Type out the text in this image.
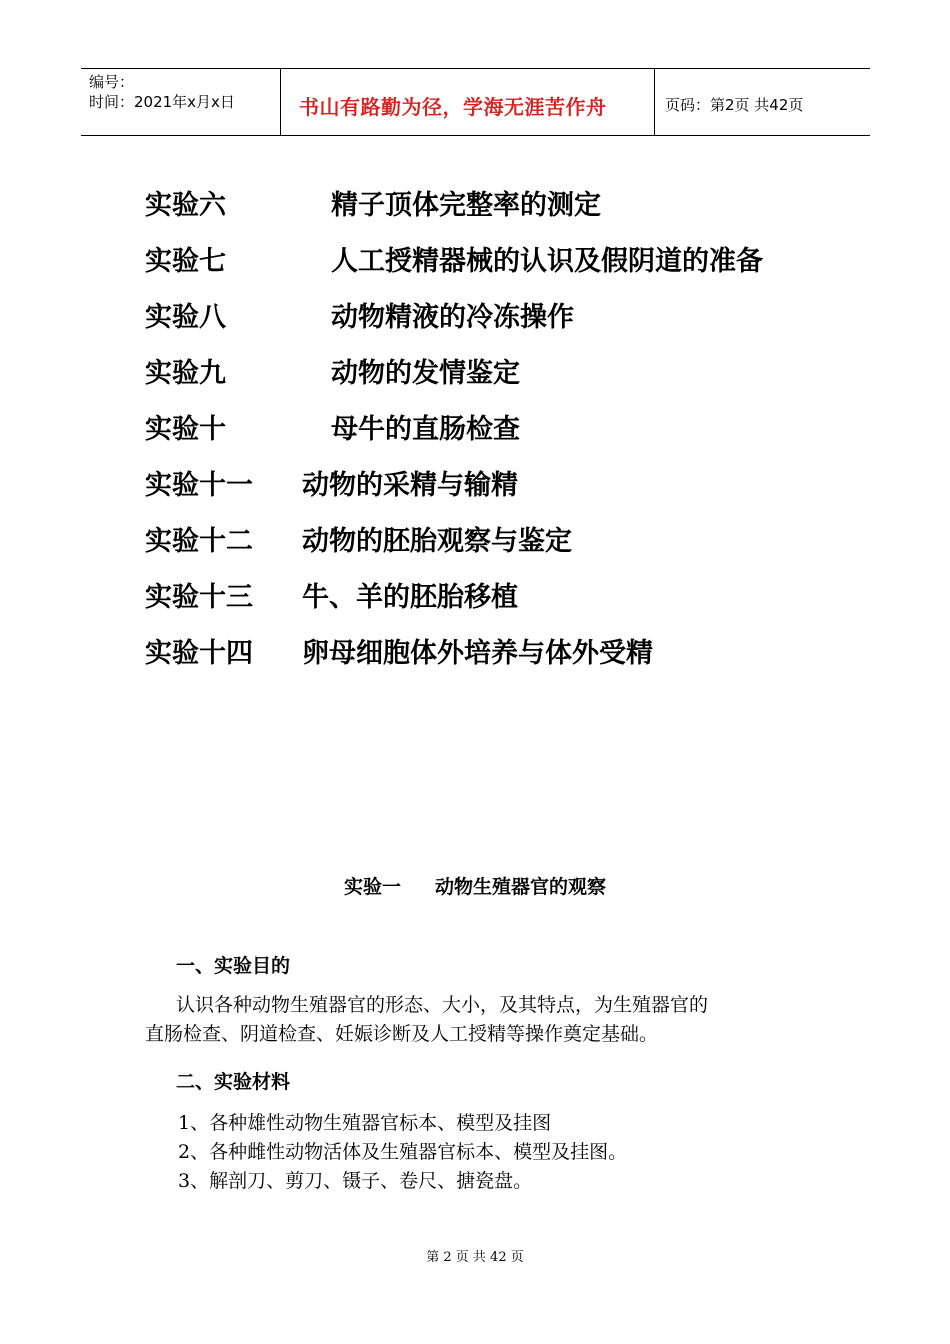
编号：
时间：2021年x月x日	书山有路勤为径，学海无涯苦作舟	页码：第2页 共42页
实验六	精子顶体完整率的测定
实验七	人工授精器械的认识及假阴道的准备
实验八	动物精液的冷冻操作
实验九	动物的发情鉴定
实验十	母牛的直肠检查
实验十一 动物的采精与输精
实验十二 动物的胚胎观察与鉴定
实验十三 牛、羊的胚胎移植
实验十四 卵母细胞体外培养与体外受精
实验一 动物生殖器官的观察
一、实验目的
认识各种动物生殖器官的形态、大小，及其特点，为生殖器官的
直肠检查、阴道检查、妊娠诊断及人工授精等操作奠定基础。
二、实验材料
1、各种雄性动物生殖器官标本、模型及挂图
2、各种雌性动物活体及生殖器官标本、模型及挂图。
3、解剖刀、剪刀、镊子、卷尺、搪瓷盘。
第 2 页 共 42 页
